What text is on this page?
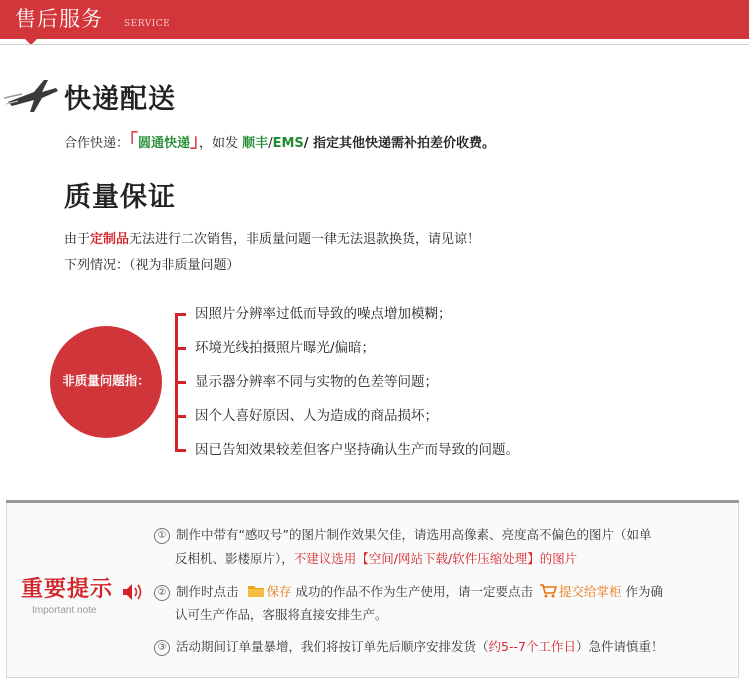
售后服务 SERVICE
快递配送
合作快递：「圆通快递」，如发 顺丰/EMS/ 指定其他快递需补拍差价收费。
质量保证
由于定制品无法进行二次销售，非质量问题一律无法退款换货，请见谅！
下列情况：（视为非质量问题）
非质量问题指：
因照片分辨率过低而导致的噪点增加模糊；
环境光线拍摄照片曝光/偏暗；
显示器分辨率不同与实物的色差等问题；
因个人喜好原因、人为造成的商品损坏；
因已告知效果较差但客户坚持确认生产而导致的问题。
重要提示
Important note
① 制作中带有“感叹号”的图片制作效果欠佳，请选用高像素、亮度高不偏色的图片（如单
反相机、影楼原片），不建议选用【空间/网站下载/软件压缩处理】的图片
② 制作时点击 保存 成功的作品不作为生产使用，请一定要点击 提交给掌柜 作为确
认可生产作品，客服将直接安排生产。
③ 活动期间订单量暴增，我们将按订单先后顺序安排发货（约5--7个工作日）急件请慎重！
